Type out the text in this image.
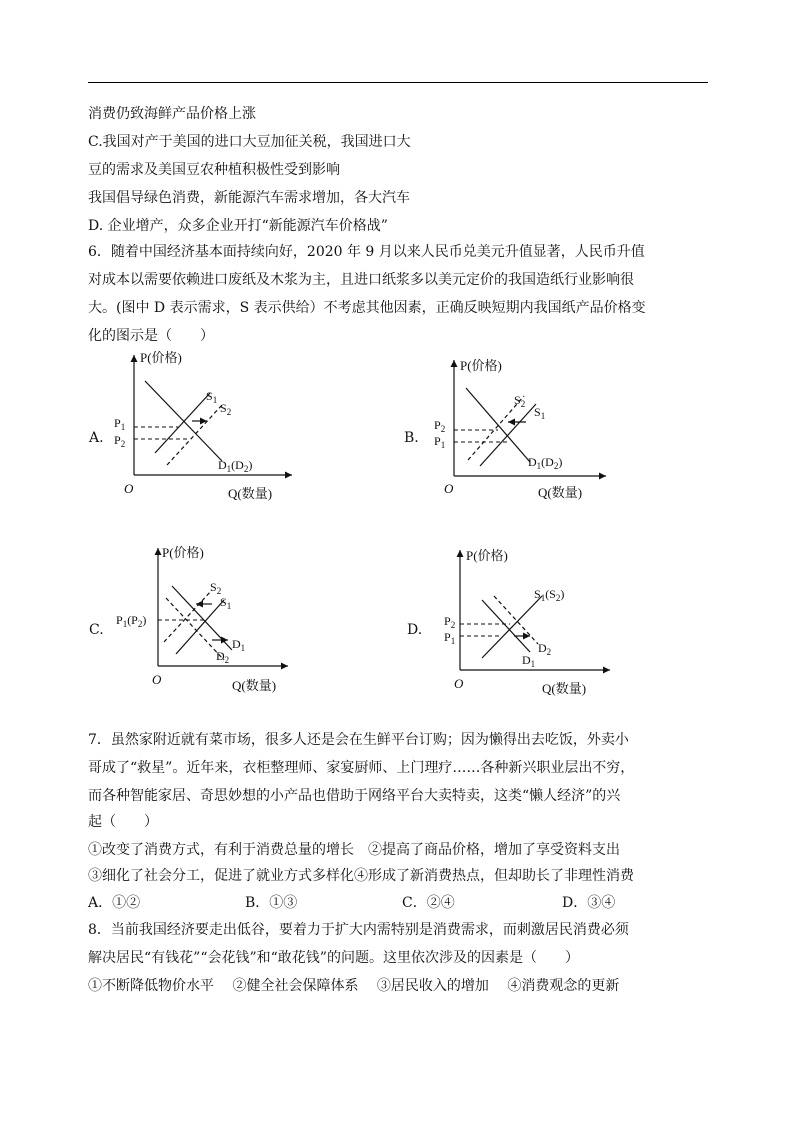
消费仍致海鲜产品价格上涨
C.我国对产于美国的进口大豆加征关税，我国进口大
豆的需求及美国豆农种植积极性受到影响
我国倡导绿色消费，新能源汽车需求增加，各大汽车
D. 企业增产，众多企业开打“新能源汽车价格战”
6．随着中国经济基本面持续向好，2020 年 9 月以来人民币兑美元升值显著，人民币升值
对成本以需要依赖进口废纸及木浆为主，且进口纸浆多以美元定价的我国造纸行业影响很
大。(图中 D 表示需求，S 表示供给）不考虑其他因素，正确反映短期内我国纸产品价格变
化的图示是（　　）
A.
P(价格)
Q(数量)
O
$P_1$
$P_2$
$S_1$
$S_2$
$D_1(D_2)$
B.
P(价格)
Q(数量)
O
$P_2$
$P_1$
$S_2$
$S_1$
$D_1(D_2)$
C.
P(价格)
Q(数量)
O
$P_1(P_2)$
$S_2$
$S_1$
$D_1$
$D_2$
D.
P(价格)
Q(数量)
O
$P_2$
$P_1$
$S_1(S_2)$
$D_2$
$D_1$
7．虽然家附近就有菜市场，很多人还是会在生鲜平台订购；因为懒得出去吃饭，外卖小
哥成了“救星”。近年来，衣柜整理师、家宴厨师、上门理疗……各种新兴职业层出不穷，
而各种智能家居、奇思妙想的小产品也借助于网络平台大卖特卖，这类“懒人经济”的兴
起（　　）
①改变了消费方式，有利于消费总量的增长　②提高了商品价格，增加了享受资料支出
③细化了社会分工，促进了就业方式多样化④形成了新消费热点，但却助长了非理性消费
A．①②	B．①③	C．②④	D．③④
8．当前我国经济要走出低谷，要着力于扩大内需特别是消费需求，而刺激居民消费必须
解决居民“有钱花”“会花钱”和“敢花钱”的问题。这里依次涉及的因素是（　　）
①不断降低物价水平　 ②健全社会保障体系　 ③居民收入的增加　 ④消费观念的更新
